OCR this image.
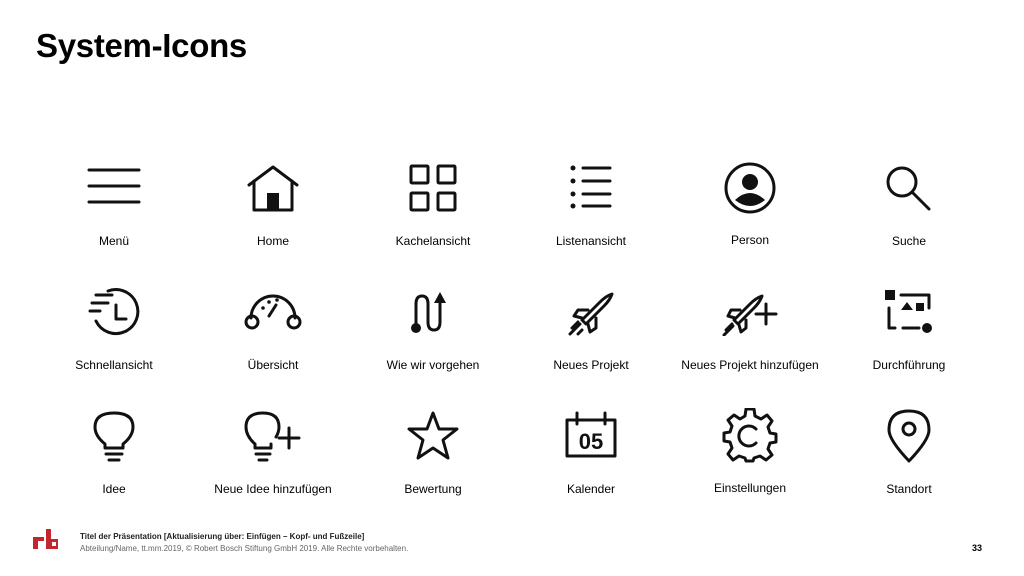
System-Icons
Menü	Home	Kachelansicht	Listenansicht	Person	Suche
Schnellansicht	Übersicht	Wie wir vorgehen	Neues Projekt	Neues Projekt hinzufügen	Durchführung
Idee	Neue Idee hinzufügen	Bewertung
05
Kalender	Einstellungen	Standort
Titel der Präsentation [Aktualisierung über: Einfügen – Kopf- und Fußzeile]
Abteilung/Name, tt.mm.2019, © Robert Bosch Stiftung GmbH 2019. Alle Rechte vorbehalten.	33
